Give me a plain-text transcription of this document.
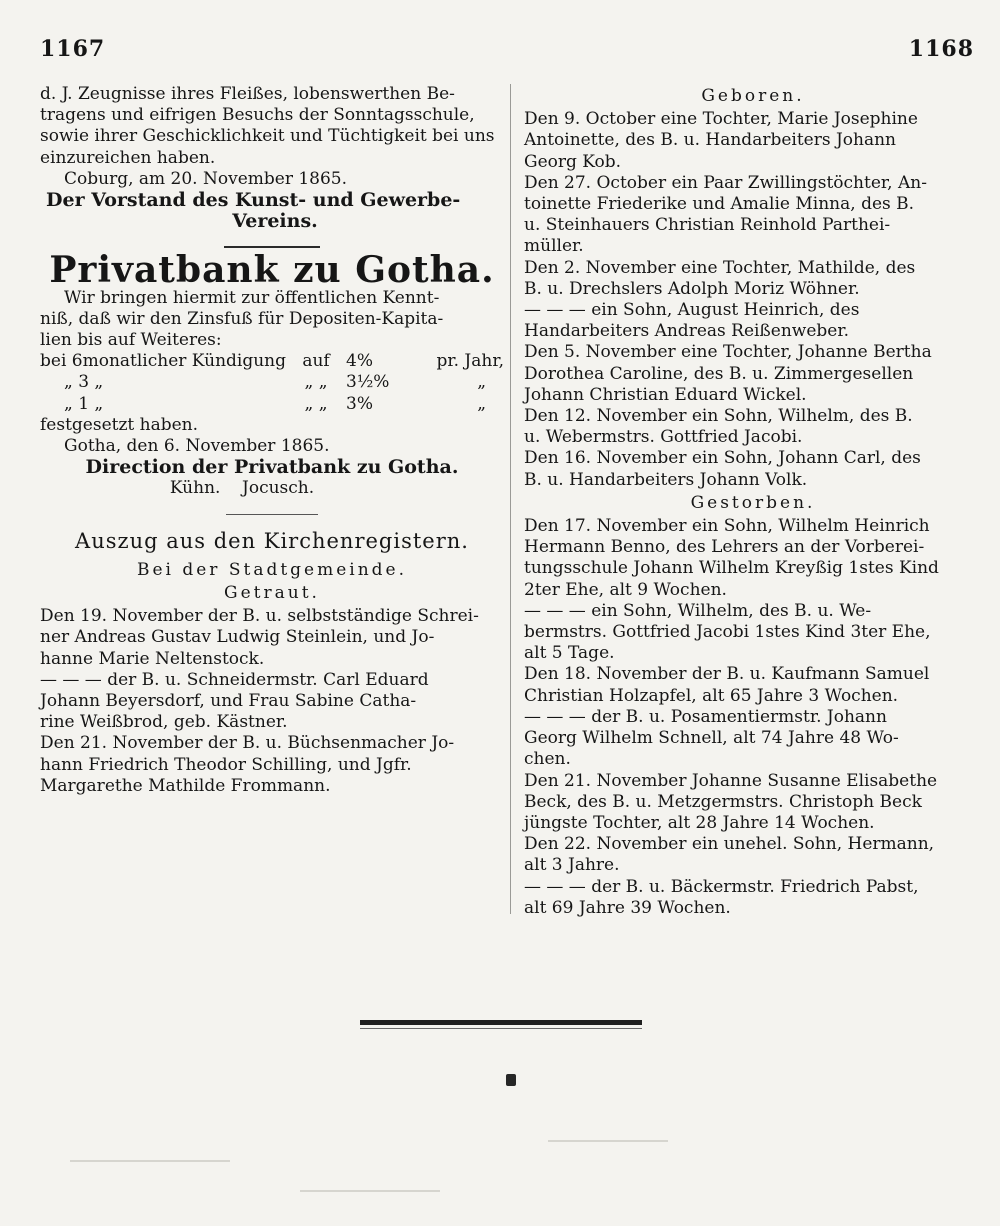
1167	1168

d. J. Zeugnisse ihres Fleißes, lobenswerthen Be-
tragens und eifrigen Besuchs der Sonntagsschule,
sowie ihrer Geschicklichkeit und Tüchtigkeit bei uns
einzureichen haben.

Coburg, am 20. November 1865.

Der Vorstand des Kunst- und Gewerbe-
Vereins.

Privatbank zu Gotha.

Wir bringen hiermit zur öffentlichen Kennt-
niß, daß wir den Zinsfuß für Depositen-Kapita-
lien bis auf Weiteres:

bei 6monatlicher Kündigung	auf	4%	pr. Jahr,
„ 3 „	„ „	3½%	„
„ 1 „	„ „	3%	„

festgesetzt haben.

Gotha, den 6. November 1865.

Direction der Privatbank zu Gotha.

Kühn.    Jocusch.

Auszug aus den Kirchenregistern.
Bei der Stadtgemeinde.
Getraut.

Den 19. November der B. u. selbstständige Schrei-
ner Andreas Gustav Ludwig Steinlein, und Jo-
hanne Marie Neltenstock.

— — — der B. u. Schneidermstr. Carl Eduard
Johann Beyersdorf, und Frau Sabine Catha-
rine Weißbrod, geb. Kästner.

Den 21. November der B. u. Büchsenmacher Jo-
hann Friedrich Theodor Schilling, und Jgfr.
Margarethe Mathilde Frommann.

Geboren.

Den 9. October eine Tochter, Marie Josephine
Antoinette, des B. u. Handarbeiters Johann
Georg Kob.

Den 27. October ein Paar Zwillingstöchter, An-
toinette Friederike und Amalie Minna, des B.
u. Steinhauers Christian Reinhold Parthei-
müller.

Den 2. November eine Tochter, Mathilde, des
B. u. Drechslers Adolph Moriz Wöhner.

— — — ein Sohn, August Heinrich, des
Handarbeiters Andreas Reißenweber.

Den 5. November eine Tochter, Johanne Bertha
Dorothea Caroline, des B. u. Zimmergesellen
Johann Christian Eduard Wickel.

Den 12. November ein Sohn, Wilhelm, des B.
u. Webermstrs. Gottfried Jacobi.

Den 16. November ein Sohn, Johann Carl, des
B. u. Handarbeiters Johann Volk.

Gestorben.

Den 17. November ein Sohn, Wilhelm Heinrich
Hermann Benno, des Lehrers an der Vorberei-
tungsschule Johann Wilhelm Kreyßig 1stes Kind
2ter Ehe, alt 9 Wochen.

— — — ein Sohn, Wilhelm, des B. u. We-
bermstrs. Gottfried Jacobi 1stes Kind 3ter Ehe,
alt 5 Tage.

Den 18. November der B. u. Kaufmann Samuel
Christian Holzapfel, alt 65 Jahre 3 Wochen.

— — — der B. u. Posamentiermstr. Johann
Georg Wilhelm Schnell, alt 74 Jahre 48 Wo-
chen.

Den 21. November Johanne Susanne Elisabethe
Beck, des B. u. Metzgermstrs. Christoph Beck
jüngste Tochter, alt 28 Jahre 14 Wochen.

Den 22. November ein unehel. Sohn, Hermann,
alt 3 Jahre.

— — — der B. u. Bäckermstr. Friedrich Pabst,
alt 69 Jahre 39 Wochen.
